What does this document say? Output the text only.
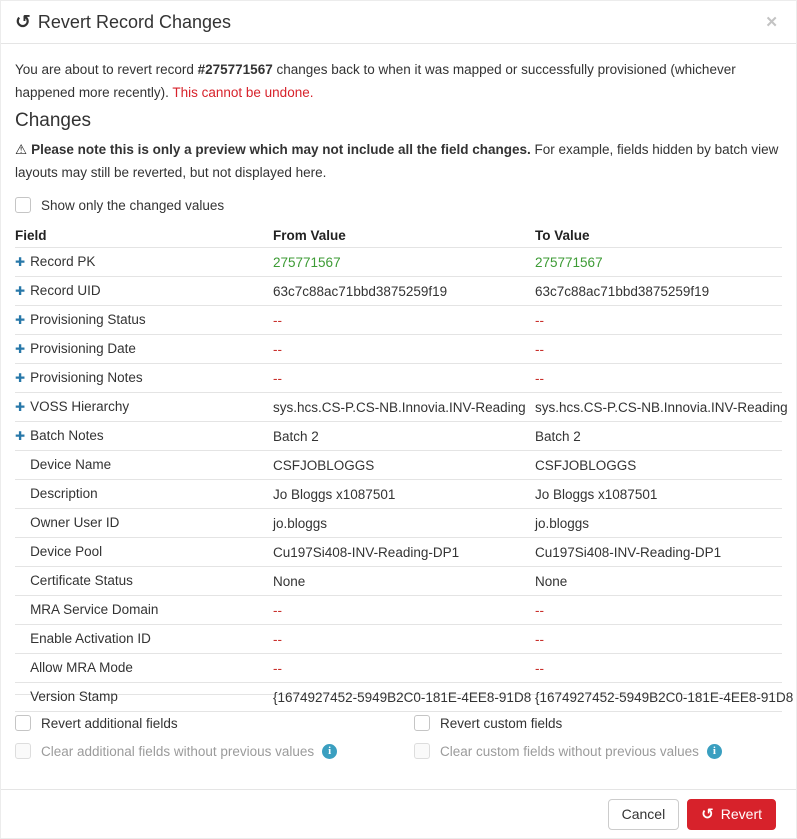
↺ Revert Record Changes	✕

You are about to revert record #275771567 changes back to when it was mapped or successfully provisioned (whichever happened more recently). This cannot be undone.

Changes

⚠ Please note this is only a preview which may not include all the field changes. For example, fields hidden by batch view layouts may still be reverted, but not displayed here.

Show only the changed values
Field	From Value	To Value
✚ Record PK	275771567	275771567
✚ Record UID	63c7c88ac71bbd3875259f19	63c7c88ac71bbd3875259f19
✚ Provisioning Status	--	--
✚ Provisioning Date	--	--
✚ Provisioning Notes	--	--
✚ VOSS Hierarchy	sys.hcs.CS-P.CS-NB.Innovia.INV-Reading	sys.hcs.CS-P.CS-NB.Innovia.INV-Reading
✚ Batch Notes	Batch 2	Batch 2
Device Name	CSFJOBLOGGS	CSFJOBLOGGS
Description	Jo Bloggs x1087501	Jo Bloggs x1087501
Owner User ID	jo.bloggs	jo.bloggs
Device Pool	Cu197Si408-INV-Reading-DP1	Cu197Si408-INV-Reading-DP1
Certificate Status	None	None
MRA Service Domain	--	--
Enable Activation ID	--	--
Allow MRA Mode	--	--
Version Stamp	{1674927452-5949B2C0-181E-4EE8-91D8	{1674927452-5949B2C0-181E-4EE8-91D8
Revert additional fields
Clear additional fields without previous values	i
Revert custom fields
Clear custom fields without previous values	i
Cancel	↺ Revert
